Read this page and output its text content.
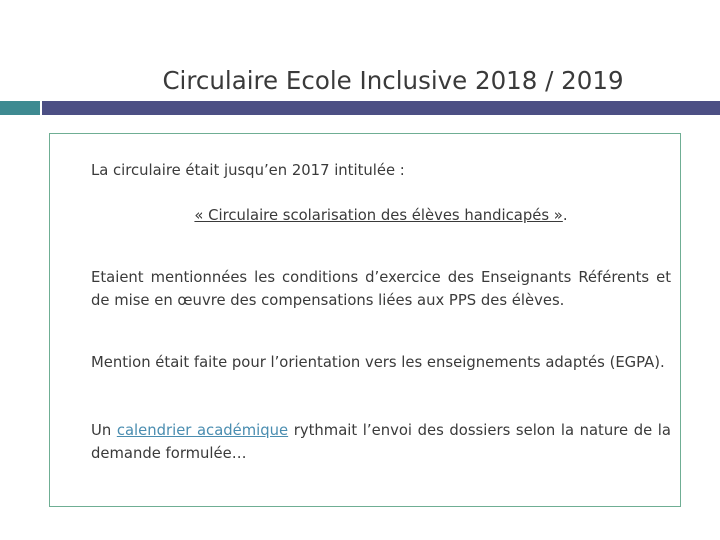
Circulaire Ecole Inclusive 2018 / 2019

La circulaire était jusqu’en 2017 intitulée :

« Circulaire scolarisation des élèves handicapés ».

Etaient mentionnées les conditions d’exercice des Enseignants Référents et de mise en œuvre des compensations liées aux PPS des élèves.

Mention était faite pour l’orientation vers les enseignements adaptés (EGPA).

Un calendrier académique rythmait l’envoi des dossiers selon la nature de la demande formulée…
